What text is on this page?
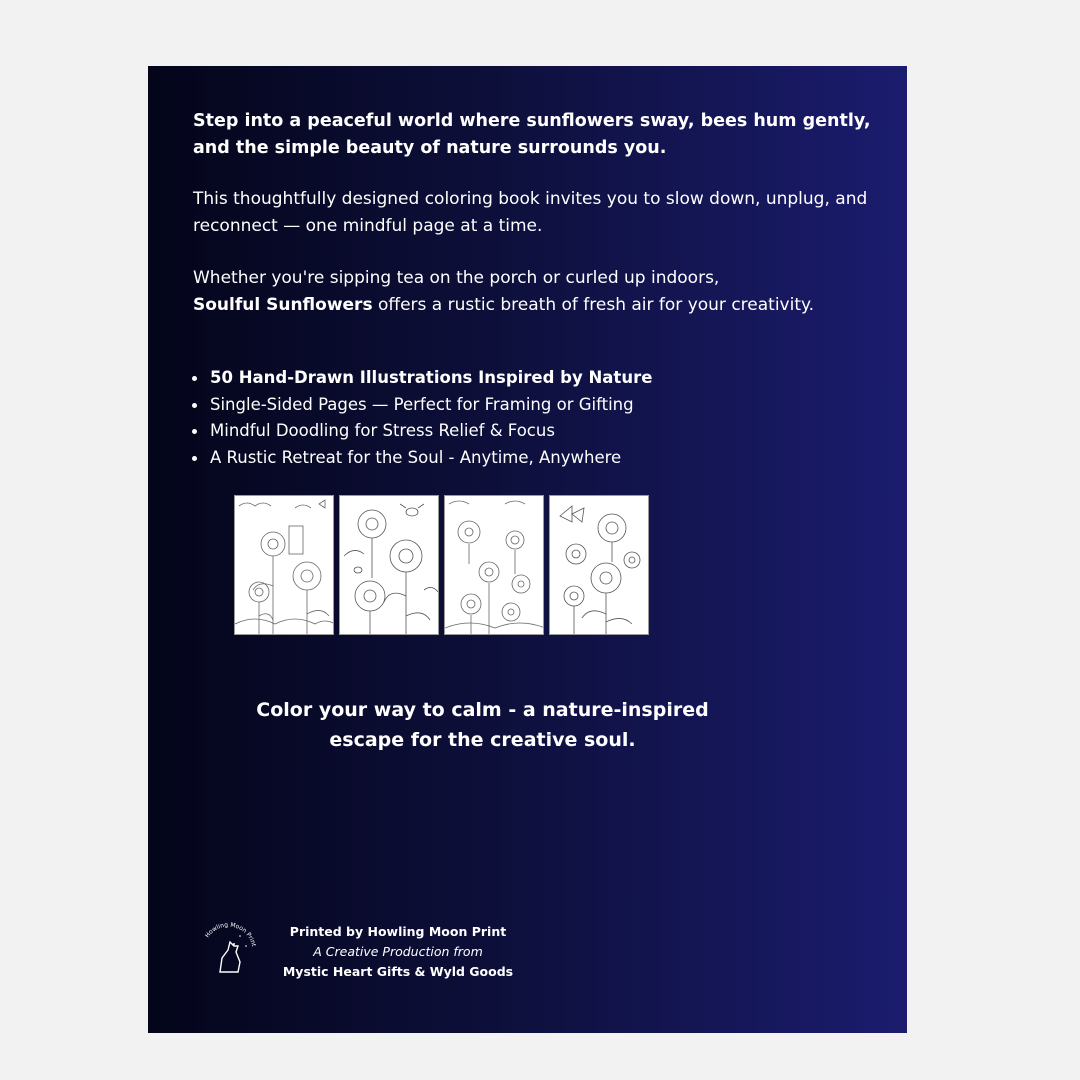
Step into a peaceful world where sunflowers sway, bees hum gently, and the simple beauty of nature surrounds you.
This thoughtfully designed coloring book invites you to slow down, unplug, and reconnect — one mindful page at a time.
Whether you're sipping tea on the porch or curled up indoors,
Soulful Sunflowers offers a rustic breath of fresh air for your creativity.
50 Hand-Drawn Illustrations Inspired by Nature
Single-Sided Pages — Perfect for Framing or Gifting
Mindful Doodling for Stress Relief & Focus
A Rustic Retreat for the Soul - Anytime, Anywhere
Color your way to calm - a nature-inspired
escape for the creative soul.
Howling Moon Print
Printed by Howling Moon Print
A Creative Production from
Mystic Heart Gifts & Wyld Goods
